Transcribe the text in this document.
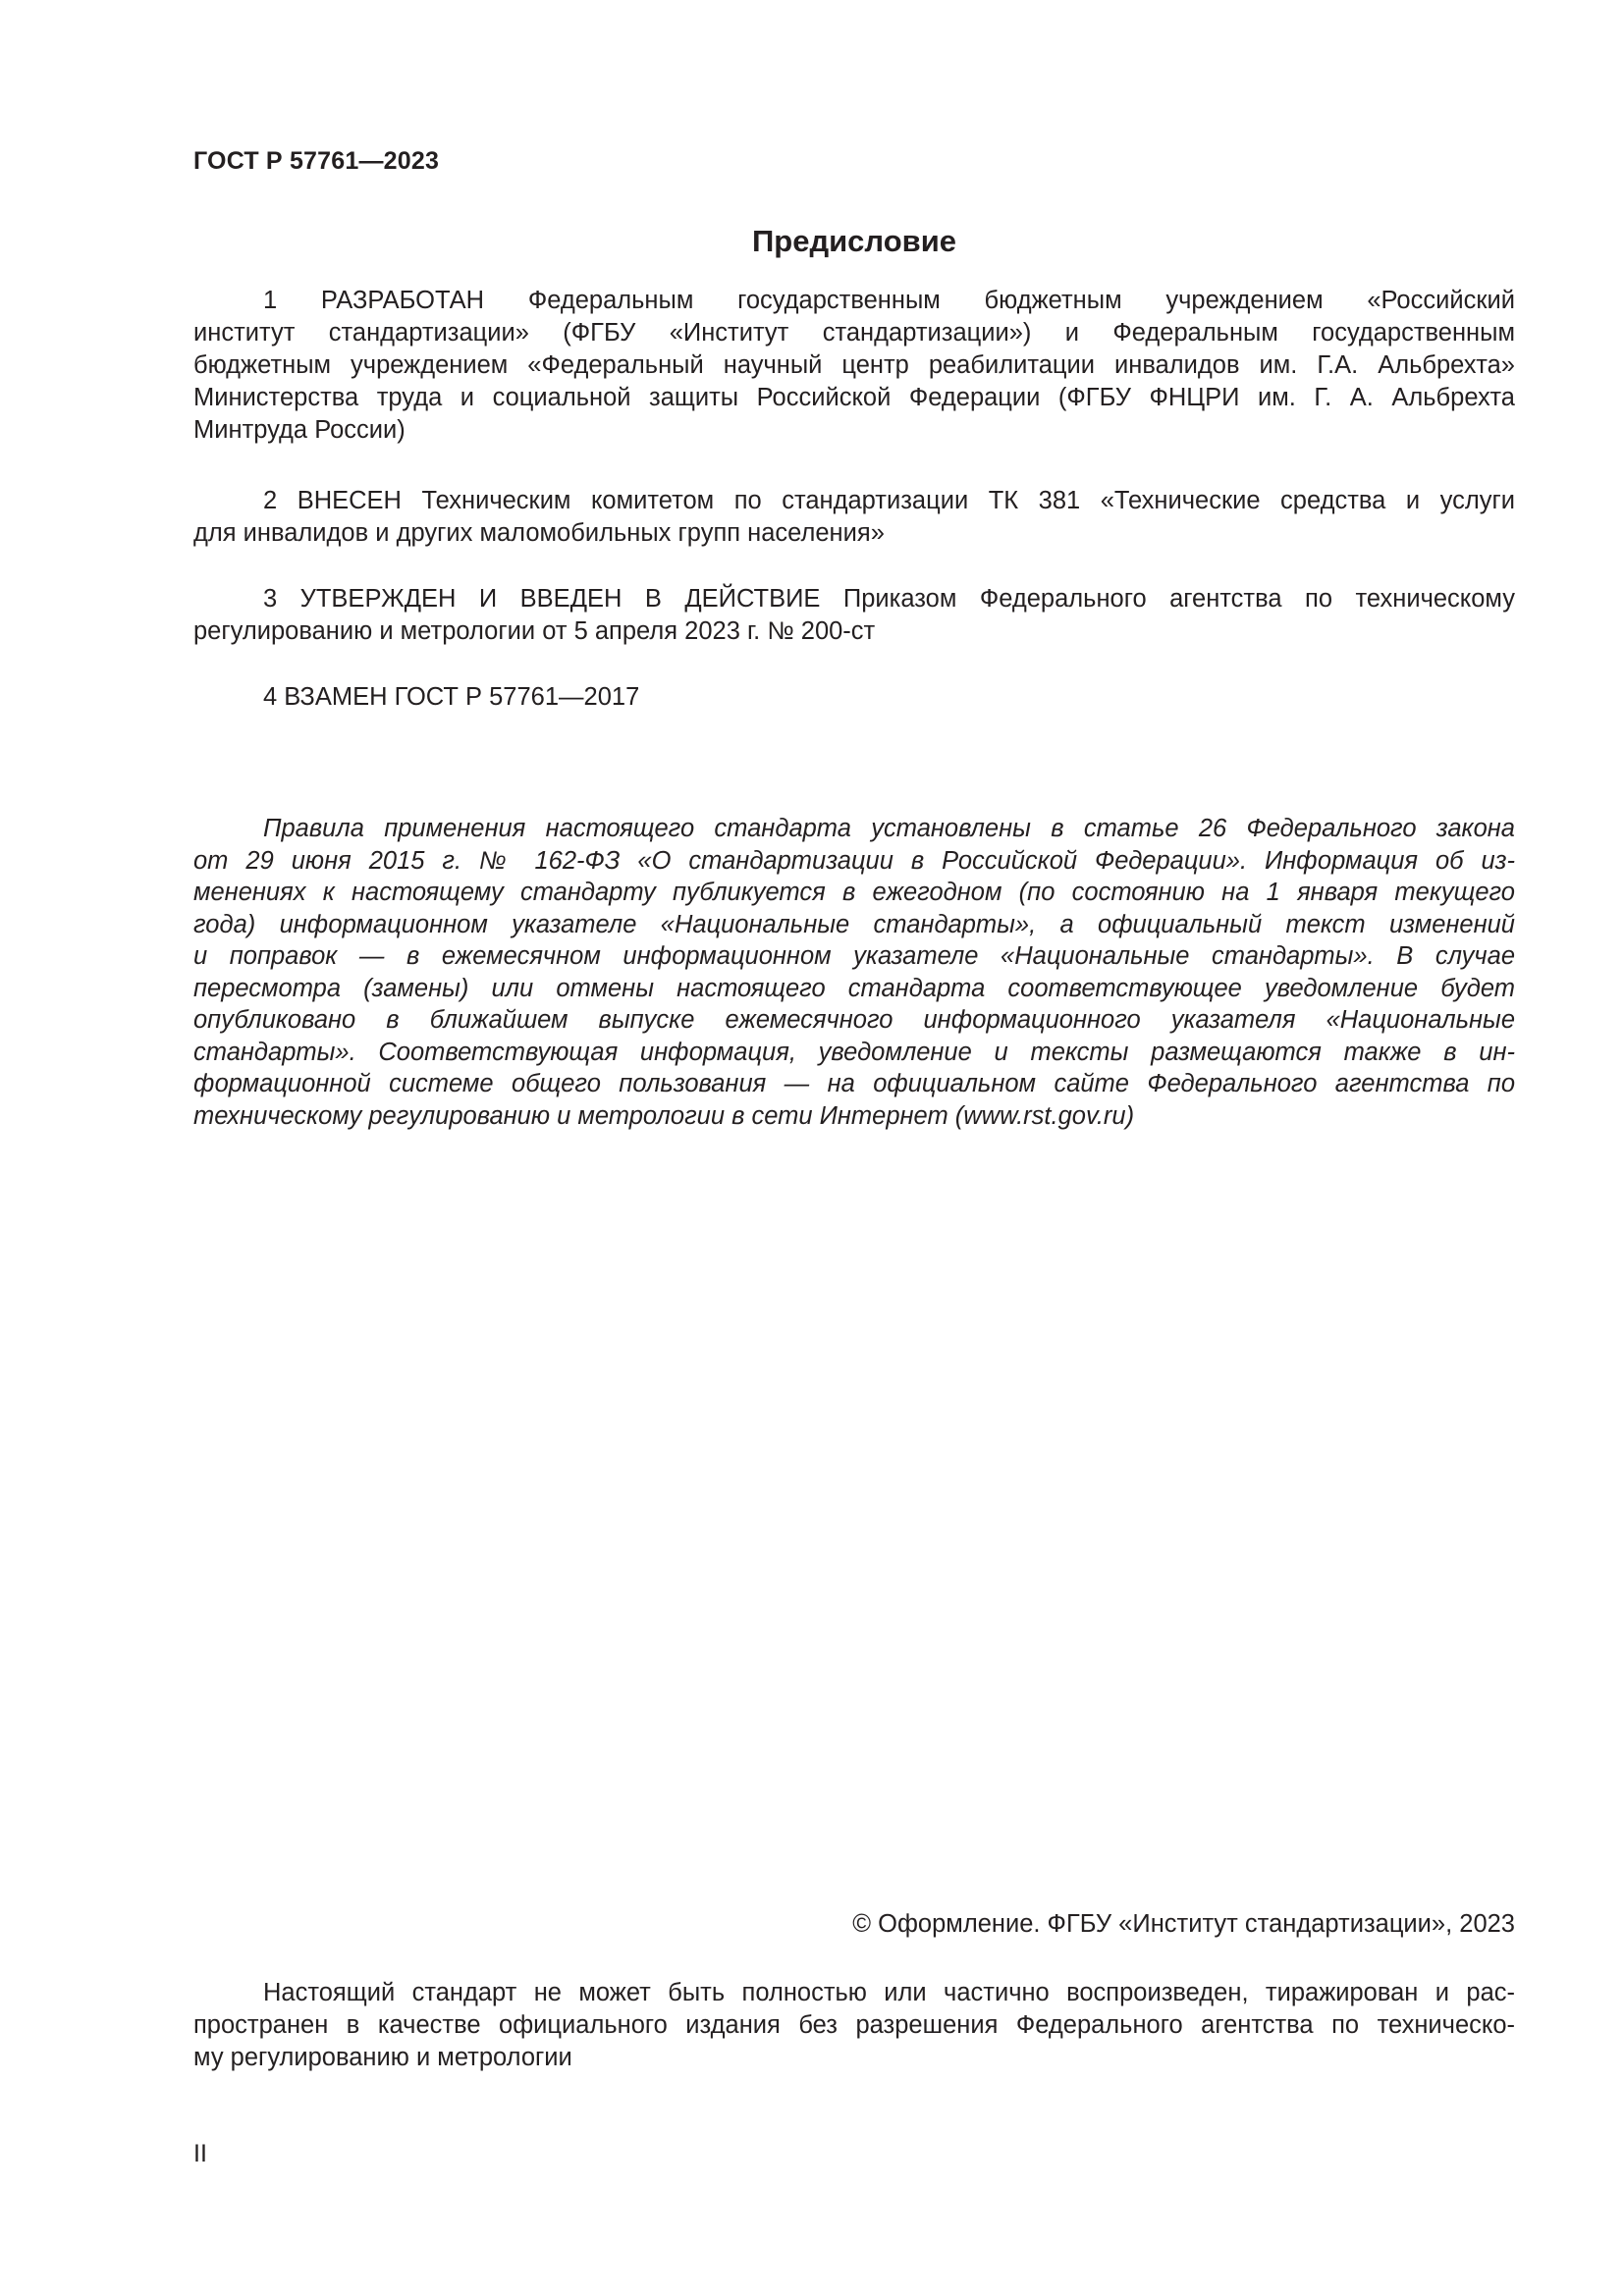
ГОСТ Р 57761—2023
Предисловие
1 РАЗРАБОТАН Федеральным государственным бюджетным учреждением «Российский
институт стандартизации» (ФГБУ «Институт стандартизации») и Федеральным государственным
бюджетным учреждением «Федеральный научный центр реабилитации инвалидов им. Г.А. Альбрехта»
Министерства труда и социальной защиты Российской Федерации (ФГБУ ФНЦРИ им. Г. А. Альбрехта
Минтруда России)
2 ВНЕСЕН Техническим комитетом по стандартизации ТК 381 «Технические средства и услуги
для инвалидов и других маломобильных групп населения»
3 УТВЕРЖДЕН И ВВЕДЕН В ДЕЙСТВИЕ Приказом Федерального агентства по техническому
регулированию и метрологии от 5 апреля 2023 г. № 200-ст
4 ВЗАМЕН ГОСТ Р 57761—2017
Правила применения настоящего стандарта установлены в статье 26 Федерального закона
от 29 июня 2015 г. № 162-ФЗ «О стандартизации в Российской Федерации». Информация об из-
менениях к настоящему стандарту публикуется в ежегодном (по состоянию на 1 января текущего
года) информационном указателе «Национальные стандарты», а официальный текст изменений
и поправок — в ежемесячном информационном указателе «Национальные стандарты». В случае
пересмотра (замены) или отмены настоящего стандарта соответствующее уведомление будет
опубликовано в ближайшем выпуске ежемесячного информационного указателя «Национальные
стандарты». Соответствующая информация, уведомление и тексты размещаются также в ин-
формационной системе общего пользования — на официальном сайте Федерального агентства по
техническому регулированию и метрологии в сети Интернет (www.rst.gov.ru)
© Оформление. ФГБУ «Институт стандартизации», 2023
Настоящий стандарт не может быть полностью или частично воспроизведен, тиражирован и рас-
пространен в качестве официального издания без разрешения Федерального агентства по техническо-
му регулированию и метрологии
II
